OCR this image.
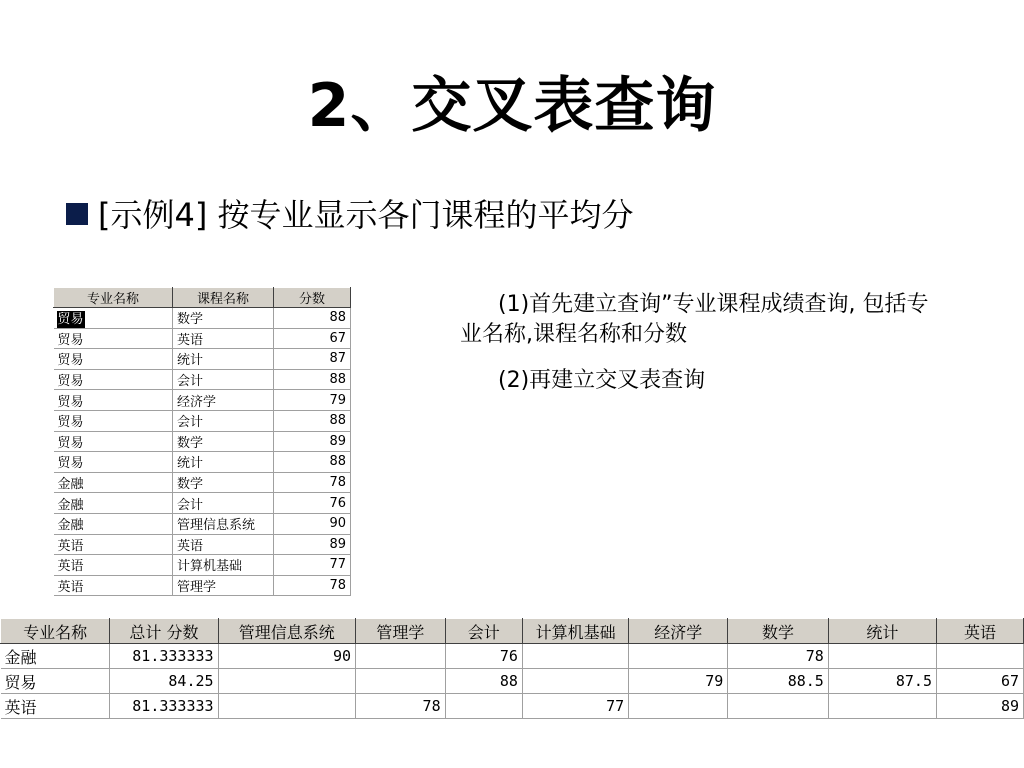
2、交叉表查询
[示例4] 按专业显示各门课程的平均分

(1)首先建立查询”专业课程成绩查询, 包括专业名称,课程名称和分数

(2)再建立交叉表查询

专业名称	课程名称	分数
贸易	数学	88
贸易	英语	67
贸易	统计	87
贸易	会计	88
贸易	经济学	79
贸易	会计	88
贸易	数学	89
贸易	统计	88
金融	数学	78
金融	会计	76
金融	管理信息系统	90
英语	英语	89
英语	计算机基础	77
英语	管理学	78
专业名称	总计 分数	管理信息系统	管理学	会计	计算机基础	经济学	数学	统计	英语
金融	81.333333	90		76			78		
贸易	84.25			88		79	88.5	87.5	67
英语	81.333333		78		77				89
